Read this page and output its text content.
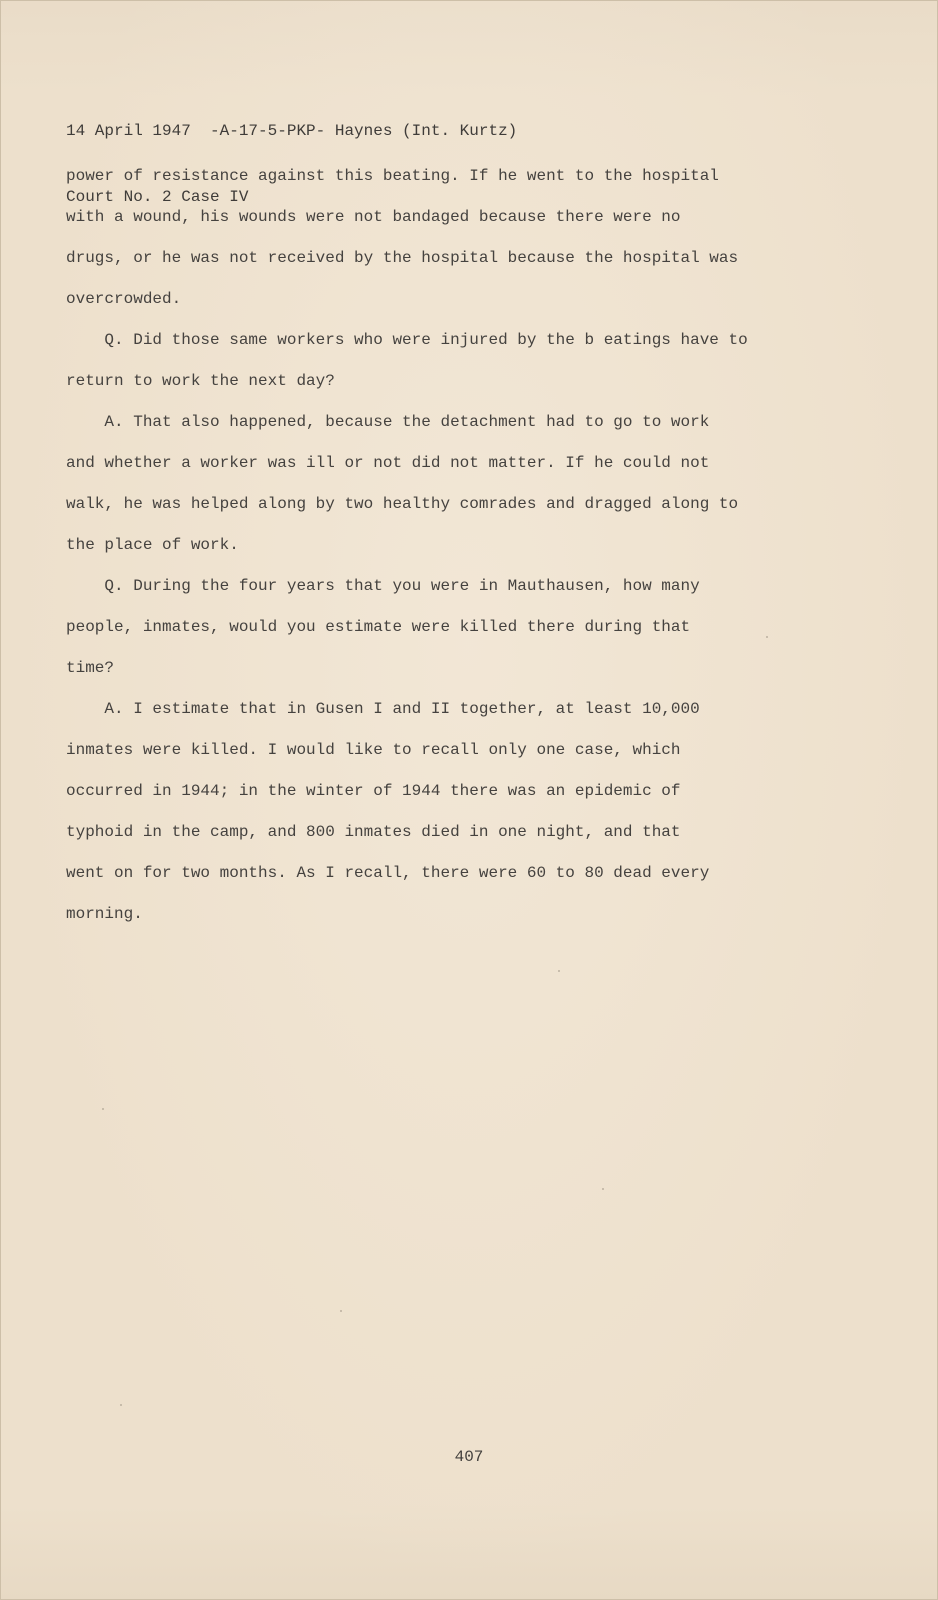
14 April 1947  -A-17-5-PKP- Haynes (Int. Kurtz)

Court No. 2 Case IV

power of resistance against this beating. If he went to the hospital
with a wound, his wounds were not bandaged because there were no
drugs, or he was not received by the hospital because the hospital was
overcrowded.
Q. Did those same workers who were injured by the b eatings have to
return to work the next day?
A. That also happened, because the detachment had to go to work
and whether a worker was ill or not did not matter. If he could not
walk, he was helped along by two healthy comrades and dragged along to
the place of work.
Q. During the four years that you were in Mauthausen, how many
people, inmates, would you estimate were killed there during that
time?
A. I estimate that in Gusen I and II together, at least 10,000
inmates were killed. I would like to recall only one case, which
occurred in 1944; in the winter of 1944 there was an epidemic of
typhoid in the camp, and 800 inmates died in one night, and that
went on for two months. As I recall, there were 60 to 80 dead every
morning.
407
